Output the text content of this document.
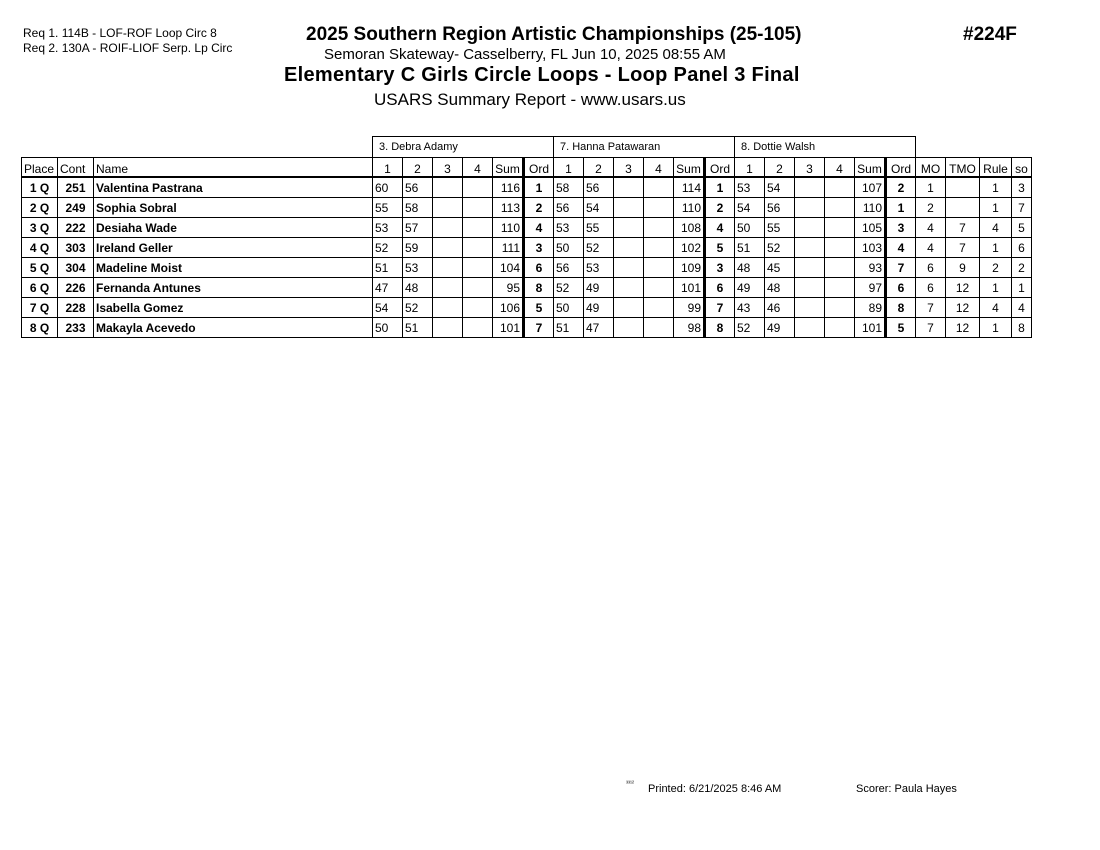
Req 1. 114B - LOF-ROF Loop Circ 8
Req 2. 130A - ROIF-LIOF Serp. Lp Circ
2025 Southern Region Artistic Championships (25-105)
Semoran Skateway- Casselberry, FL Jun 10, 2025 08:55 AM
Elementary C Girls Circle Loops - Loop Panel 3 Final
USARS Summary Report - www.usars.us
#224F
			3. Debra Adamy						7. Hanna Patawaran						8. Dottie Walsh									
Place	Cont	Name	1	2	3	4	Sum	Ord	1	2	3	4	Sum	Ord	1	2	3	4	Sum	Ord	MO	TMO	Rule	so
1 Q	251	Valentina Pastrana	60	56			116	1	58	56			114	1	53	54			107	2	1		1	3
2 Q	249	Sophia Sobral	55	58			113	2	56	54			110	2	54	56			110	1	2		1	7
3 Q	222	Desiaha Wade	53	57			110	4	53	55			108	4	50	55			105	3	4	7	4	5
4 Q	303	Ireland Geller	52	59			111	3	50	52			102	5	51	52			103	4	4	7	1	6
5 Q	304	Madeline Moist	51	53			104	6	56	53			109	3	48	45			93	7	6	9	2	2
6 Q	226	Fernanda Antunes	47	48			95	8	52	49			101	6	49	48			97	6	6	12	1	1
7 Q	228	Isabella Gomez	54	52			106	5	50	49			99	7	43	46			89	8	7	12	4	4
8 Q	233	Makayla Acevedo	50	51			101	7	51	47			98	8	52	49			101	5	7	12	1	8
³³¹² Printed: 6/21/2025 8:46 AM	Scorer: Paula Hayes
